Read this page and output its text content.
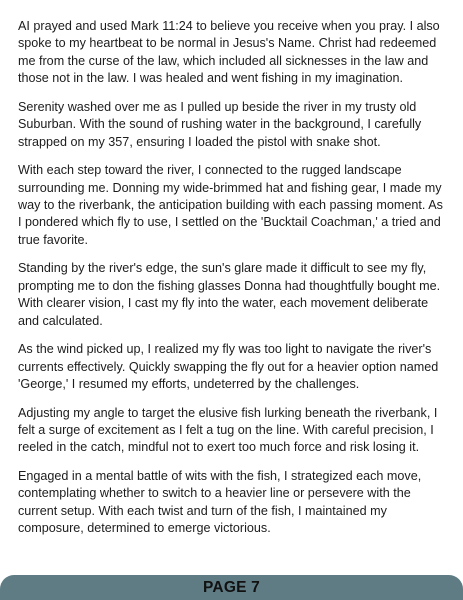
AI prayed and used Mark 11:24 to believe you receive when you pray. I also spoke to my heartbeat to be normal in Jesus's Name. Christ had redeemed me from the curse of the law, which included all sicknesses in the law and those not in the law. I was healed and went fishing in my imagination.

Serenity washed over me as I pulled up beside the river in my trusty old Suburban. With the sound of rushing water in the background, I carefully strapped on my 357, ensuring I loaded the pistol with snake shot.

With each step toward the river, I connected to the rugged landscape surrounding me. Donning my wide-brimmed hat and fishing gear, I made my way to the riverbank, the anticipation building with each passing moment. As I pondered which fly to use, I settled on the 'Bucktail Coachman,' a tried and true favorite.

Standing by the river's edge, the sun's glare made it difficult to see my fly, prompting me to don the fishing glasses Donna had thoughtfully bought me. With clearer vision, I cast my fly into the water, each movement deliberate and calculated.

As the wind picked up, I realized my fly was too light to navigate the river's currents effectively. Quickly swapping the fly out for a heavier option named 'George,' I resumed my efforts, undeterred by the challenges.

Adjusting my angle to target the elusive fish lurking beneath the riverbank, I felt a surge of excitement as I felt a tug on the line. With careful precision, I reeled in the catch, mindful not to exert too much force and risk losing it.

Engaged in a mental battle of wits with the fish, I strategized each move, contemplating whether to switch to a heavier line or persevere with the current setup. With each twist and turn of the fish, I maintained my composure, determined to emerge victorious.

PAGE 7
